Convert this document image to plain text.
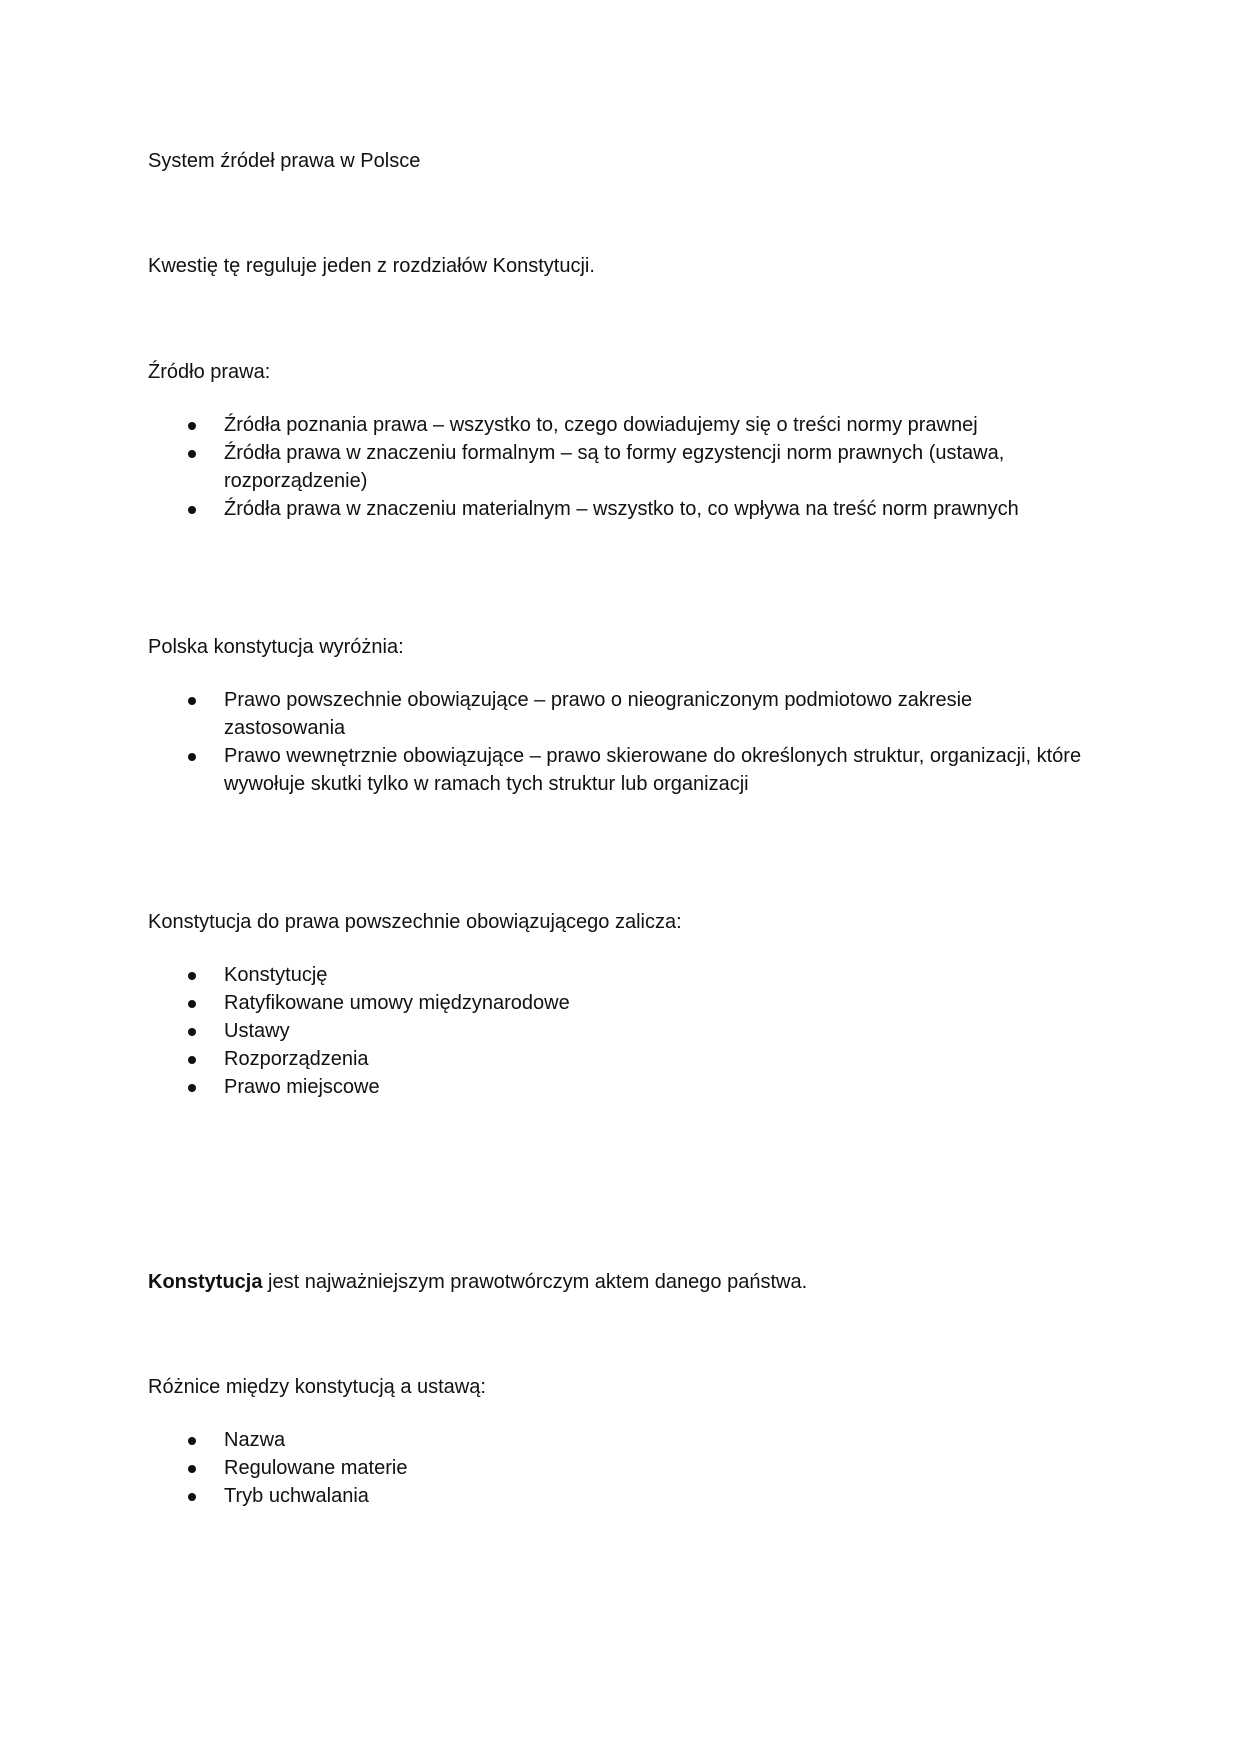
System źródeł prawa w Polsce
Kwestię tę reguluje jeden z rozdziałów Konstytucji.
Źródło prawa:
Źródła poznania prawa – wszystko to, czego dowiadujemy się o treści normy prawnej
Źródła prawa w znaczeniu formalnym – są to formy egzystencji norm prawnych (ustawa, rozporządzenie)
Źródła prawa w znaczeniu materialnym – wszystko to, co wpływa na treść norm prawnych
Polska konstytucja wyróżnia:
Prawo powszechnie obowiązujące – prawo o nieograniczonym podmiotowo zakresie zastosowania
Prawo wewnętrznie obowiązujące – prawo skierowane do określonych struktur, organizacji, które wywołuje skutki tylko w ramach tych struktur lub organizacji
Konstytucja do prawa powszechnie obowiązującego zalicza:
Konstytucję
Ratyfikowane umowy międzynarodowe
Ustawy
Rozporządzenia
Prawo miejscowe
Konstytucja jest najważniejszym prawotwórczym aktem danego państwa.
Różnice między konstytucją a ustawą:
Nazwa
Regulowane materie
Tryb uchwalania
